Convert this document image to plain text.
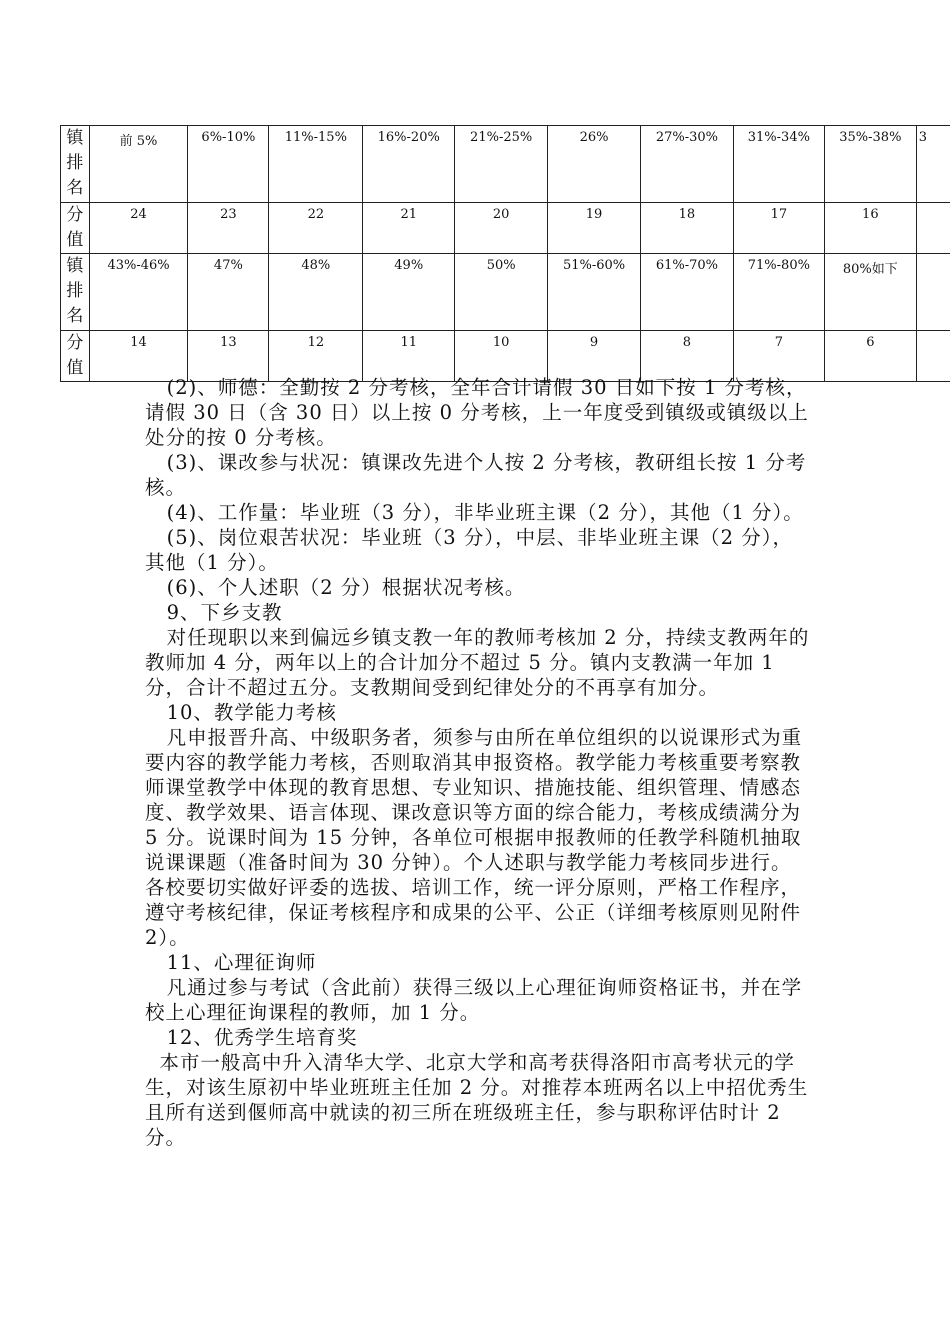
镇排名	前 5%	6%-10%	11%-15%	16%-20%	21%-25%	26%	27%-30%	31%-34%	35%-38%	3
分值	24	23	22	21	20	19	18	17	16	
镇排名	43%-46%	47%	48%	49%	50%	51%-60%	61%-70%	71%-80%	80%如下	
分值	14	13	12	11	10	9	8	7	6	

(2)、师德：全勤按 2 分考核，全年合计请假 30 日如下按 1 分考核，请假 30 日（含 30 日）以上按 0 分考核，上一年度受到镇级或镇级以上处分的按 0 分考核。

(3)、课改参与状况：镇课改先进个人按 2 分考核，教研组长按 1 分考核。

(4)、工作量：毕业班（3 分），非毕业班主课（2 分），其他（1 分）。

(5)、岗位艰苦状况：毕业班（3 分），中层、非毕业班主课（2 分），其他（1 分）。

(6)、个人述职（2 分）根据状况考核。

9、下乡支教

对任现职以来到偏远乡镇支教一年的教师考核加 2 分，持续支教两年的教师加 4 分，两年以上的合计加分不超过 5 分。镇内支教满一年加 1 分，合计不超过五分。支教期间受到纪律处分的不再享有加分。

10、教学能力考核

凡申报晋升高、中级职务者，须参与由所在单位组织的以说课形式为重要内容的教学能力考核，否则取消其申报资格。教学能力考核重要考察教师课堂教学中体现的教育思想、专业知识、措施技能、组织管理、情感态度、教学效果、语言体现、课改意识等方面的综合能力，考核成绩满分为 5 分。说课时间为 15 分钟，各单位可根据申报教师的任教学科随机抽取说课课题（准备时间为 30 分钟）。个人述职与教学能力考核同步进行。各校要切实做好评委的选拔、培训工作，统一评分原则，严格工作程序，遵守考核纪律，保证考核程序和成果的公平、公正（详细考核原则见附件 2）。

11、心理征询师

凡通过参与考试（含此前）获得三级以上心理征询师资格证书，并在学校上心理征询课程的教师，加 1 分。

12、优秀学生培育奖

本市一般高中升入清华大学、北京大学和高考获得洛阳市高考状元的学生，对该生原初中毕业班班主任加 2 分。对推荐本班两名以上中招优秀生且所有送到偃师高中就读的初三所在班级班主任，参与职称评估时计 2 分。
